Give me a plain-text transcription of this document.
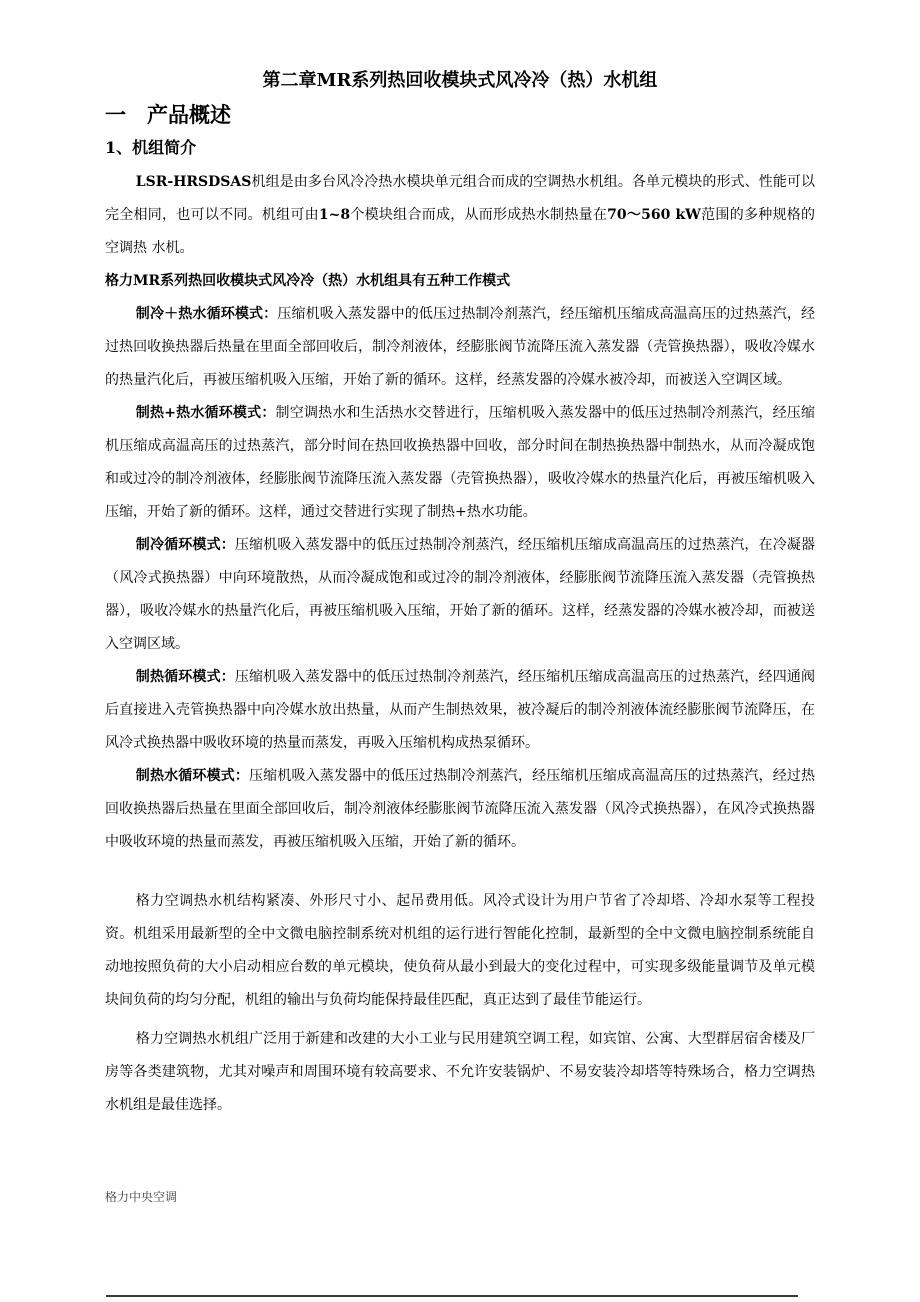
第二章MR系列热回收模块式风冷冷（热）水机组
一　产品概述
1、机组简介

LSR-HRSDSAS机组是由多台风冷冷热水模块单元组合而成的空调热水机组。各单元模块的形式、性能可以完全相同，也可以不同。机组可由1~8个模块组合而成，从而形成热水制热量在70～560 kW范围的多种规格的空调热 水机。

格力MR系列热回收模块式风冷冷（热）水机组具有五种工作模式

制冷＋热水循环模式：压缩机吸入蒸发器中的低压过热制冷剂蒸汽，经压缩机压缩成高温高压的过热蒸汽，经过热回收换热器后热量在里面全部回收后，制冷剂液体，经膨胀阀节流降压流入蒸发器（壳管换热器），吸收冷媒水的热量汽化后，再被压缩机吸入压缩，开始了新的循环。这样，经蒸发器的冷媒水被冷却，而被送入空调区域。

制热+热水循环模式：制空调热水和生活热水交替进行，压缩机吸入蒸发器中的低压过热制冷剂蒸汽，经压缩机压缩成高温高压的过热蒸汽，部分时间在热回收换热器中回收，部分时间在制热换热器中制热水，从而冷凝成饱和或过冷的制冷剂液体，经膨胀阀节流降压流入蒸发器（壳管换热器），吸收冷媒水的热量汽化后，再被压缩机吸入压缩，开始了新的循环。这样，通过交替进行实现了制热+热水功能。

制冷循环模式：压缩机吸入蒸发器中的低压过热制冷剂蒸汽，经压缩机压缩成高温高压的过热蒸汽，在冷凝器（风冷式换热器）中向环境散热，从而冷凝成饱和或过冷的制冷剂液体，经膨胀阀节流降压流入蒸发器（壳管换热器），吸收冷媒水的热量汽化后，再被压缩机吸入压缩，开始了新的循环。这样，经蒸发器的冷媒水被冷却，而被送入空调区域。

制热循环模式：压缩机吸入蒸发器中的低压过热制冷剂蒸汽，经压缩机压缩成高温高压的过热蒸汽，经四通阀后直接进入壳管换热器中向冷媒水放出热量，从而产生制热效果，被冷凝后的制冷剂液体流经膨胀阀节流降压，在风冷式换热器中吸收环境的热量而蒸发，再吸入压缩机构成热泵循环。

制热水循环模式：压缩机吸入蒸发器中的低压过热制冷剂蒸汽，经压缩机压缩成高温高压的过热蒸汽，经过热回收换热器后热量在里面全部回收后，制冷剂液体经膨胀阀节流降压流入蒸发器（风冷式换热器），在风冷式换热器中吸收环境的热量而蒸发，再被压缩机吸入压缩，开始了新的循环。

格力空调热水机结构紧凑、外形尺寸小、起吊费用低。风冷式设计为用户节省了冷却塔、冷却水泵等工程投资。机组采用最新型的全中文微电脑控制系统对机组的运行进行智能化控制，最新型的全中文微电脑控制系统能自动地按照负荷的大小启动相应台数的单元模块，使负荷从最小到最大的变化过程中，可实现多级能量调节及单元模块间负荷的均匀分配，机组的输出与负荷均能保持最佳匹配，真正达到了最佳节能运行。

格力空调热水机组广泛用于新建和改建的大小工业与民用建筑空调工程，如宾馆、公寓、大型群居宿舍楼及厂房等各类建筑物，尤其对噪声和周围环境有较高要求、不允许安装锅炉、不易安装冷却塔等特殊场合，格力空调热水机组是最佳选择。

格力中央空调
